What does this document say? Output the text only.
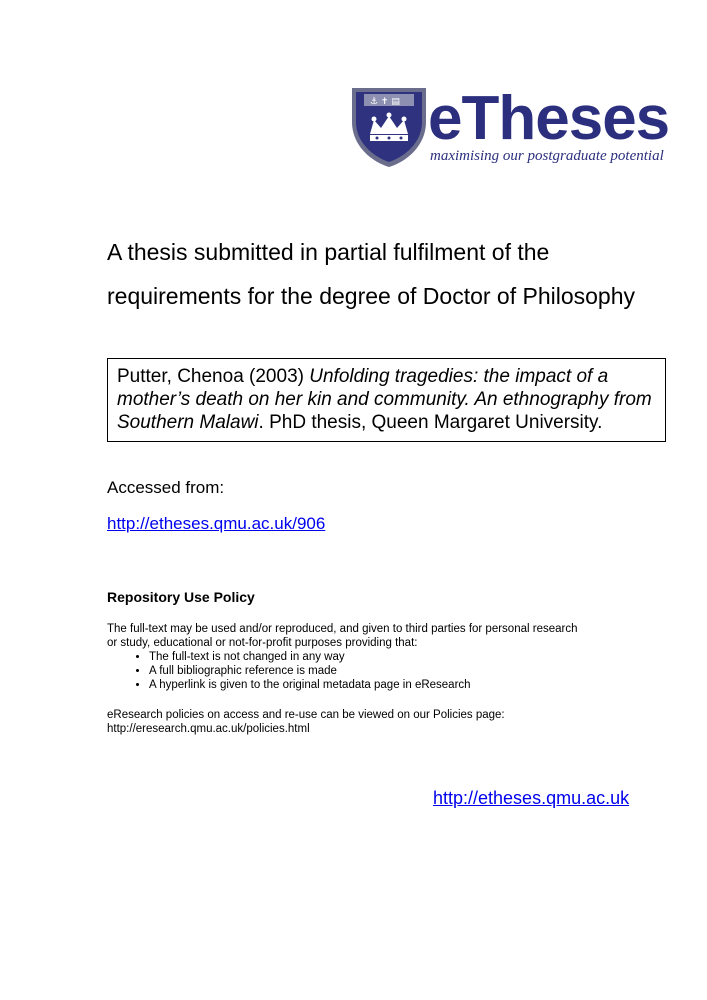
⚓ ✝ ▤ eTheses
maximising our postgraduate potential
A thesis submitted in partial fulfilment of the
requirements for the degree of Doctor of Philosophy
Putter, Chenoa (2003) Unfolding tragedies: the impact of a mother’s death on her kin and community. An ethnography from Southern Malawi. PhD thesis, Queen Margaret University.
Accessed from:
http://etheses.qmu.ac.uk/906
Repository Use Policy
The full-text may be used and/or reproduced, and given to third parties for personal research or study, educational or not-for-profit purposes providing that:
• The full-text is not changed in any way
• A full bibliographic reference is made
• A hyperlink is given to the original metadata page in eResearch
eResearch policies on access and re-use can be viewed on our Policies page:
http://eresearch.qmu.ac.uk/policies.html
http://etheses.qmu.ac.uk
